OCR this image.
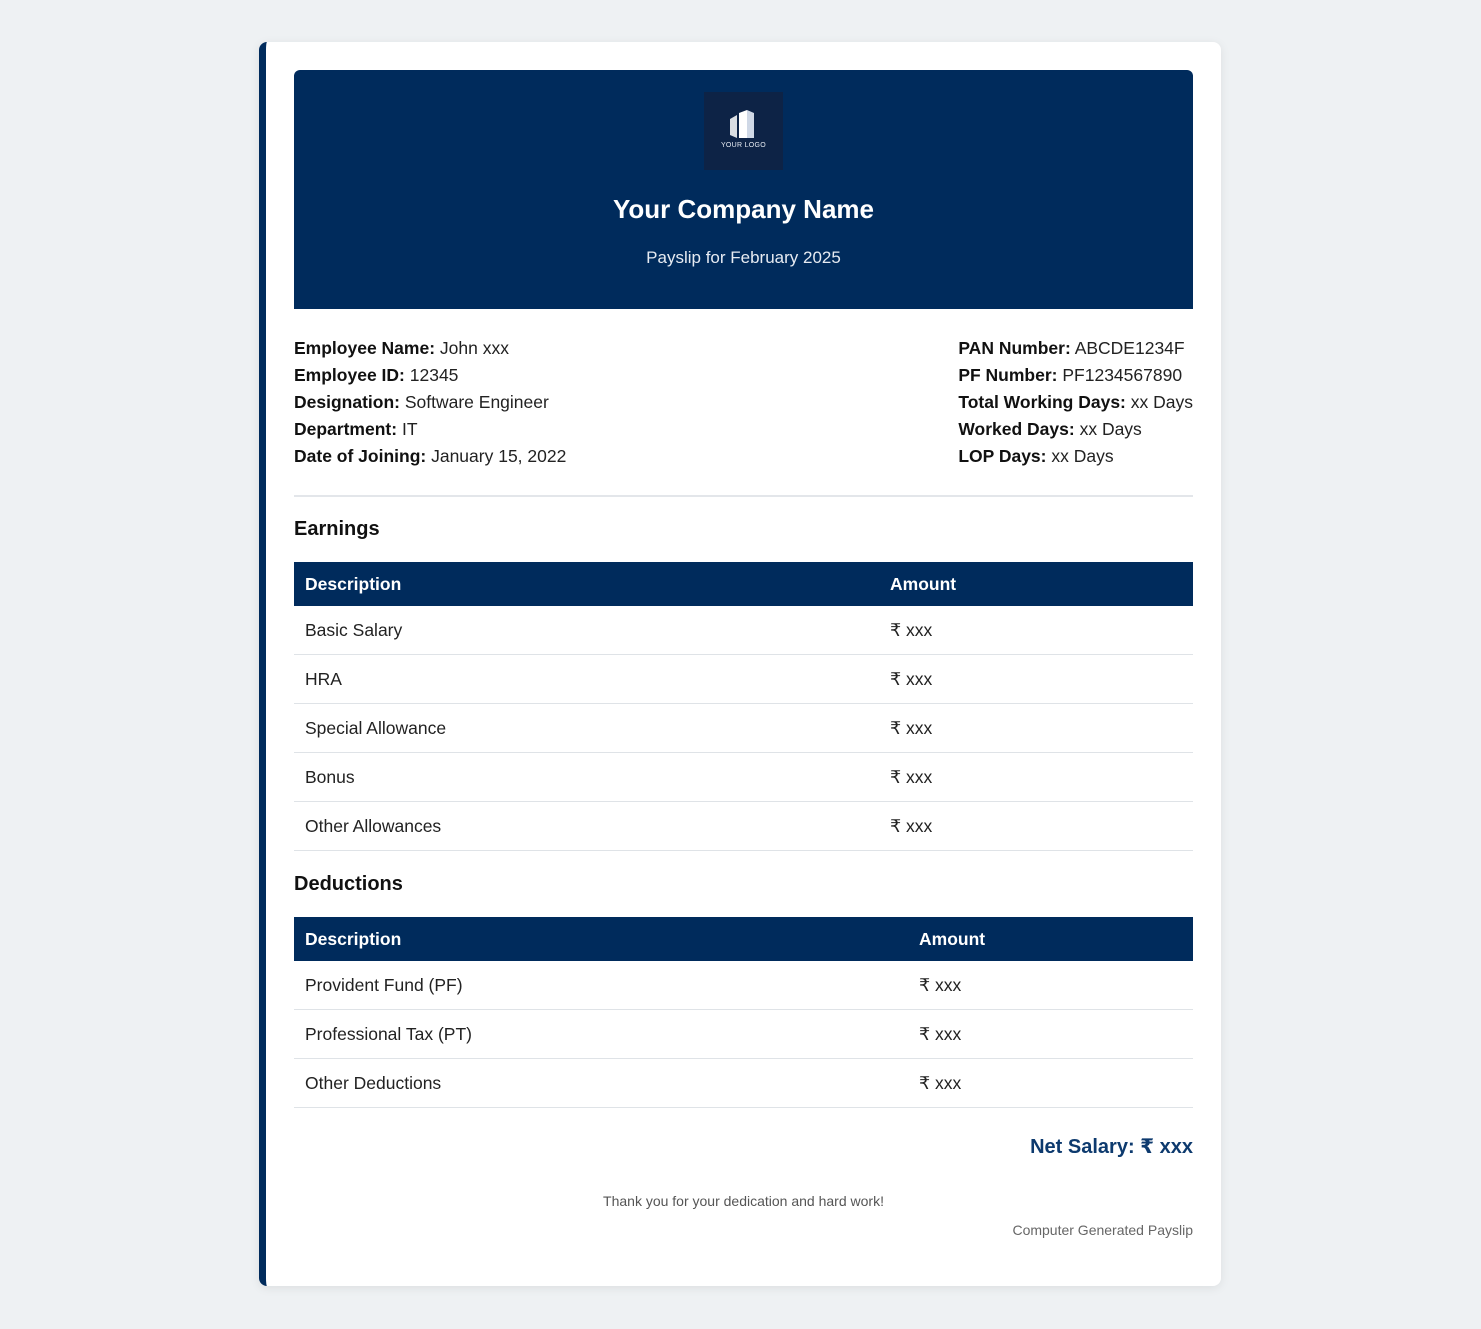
YOUR LOGO
Your Company Name
Payslip for February 2025
Employee Name: John xxx
Employee ID: 12345
Designation: Software Engineer
Department: IT
Date of Joining: January 15, 2022
PAN Number: ABCDE1234F
PF Number: PF1234567890
Total Working Days: xx Days
Worked Days: xx Days
LOP Days: xx Days
Earnings
Description	Amount
Basic Salary	₹ xxx
HRA	₹ xxx
Special Allowance	₹ xxx
Bonus	₹ xxx
Other Allowances	₹ xxx
Deductions
Description	Amount
Provident Fund (PF)	₹ xxx
Professional Tax (PT)	₹ xxx
Other Deductions	₹ xxx
Net Salary: ₹ xxx
Thank you for your dedication and hard work!
Computer Generated Payslip
